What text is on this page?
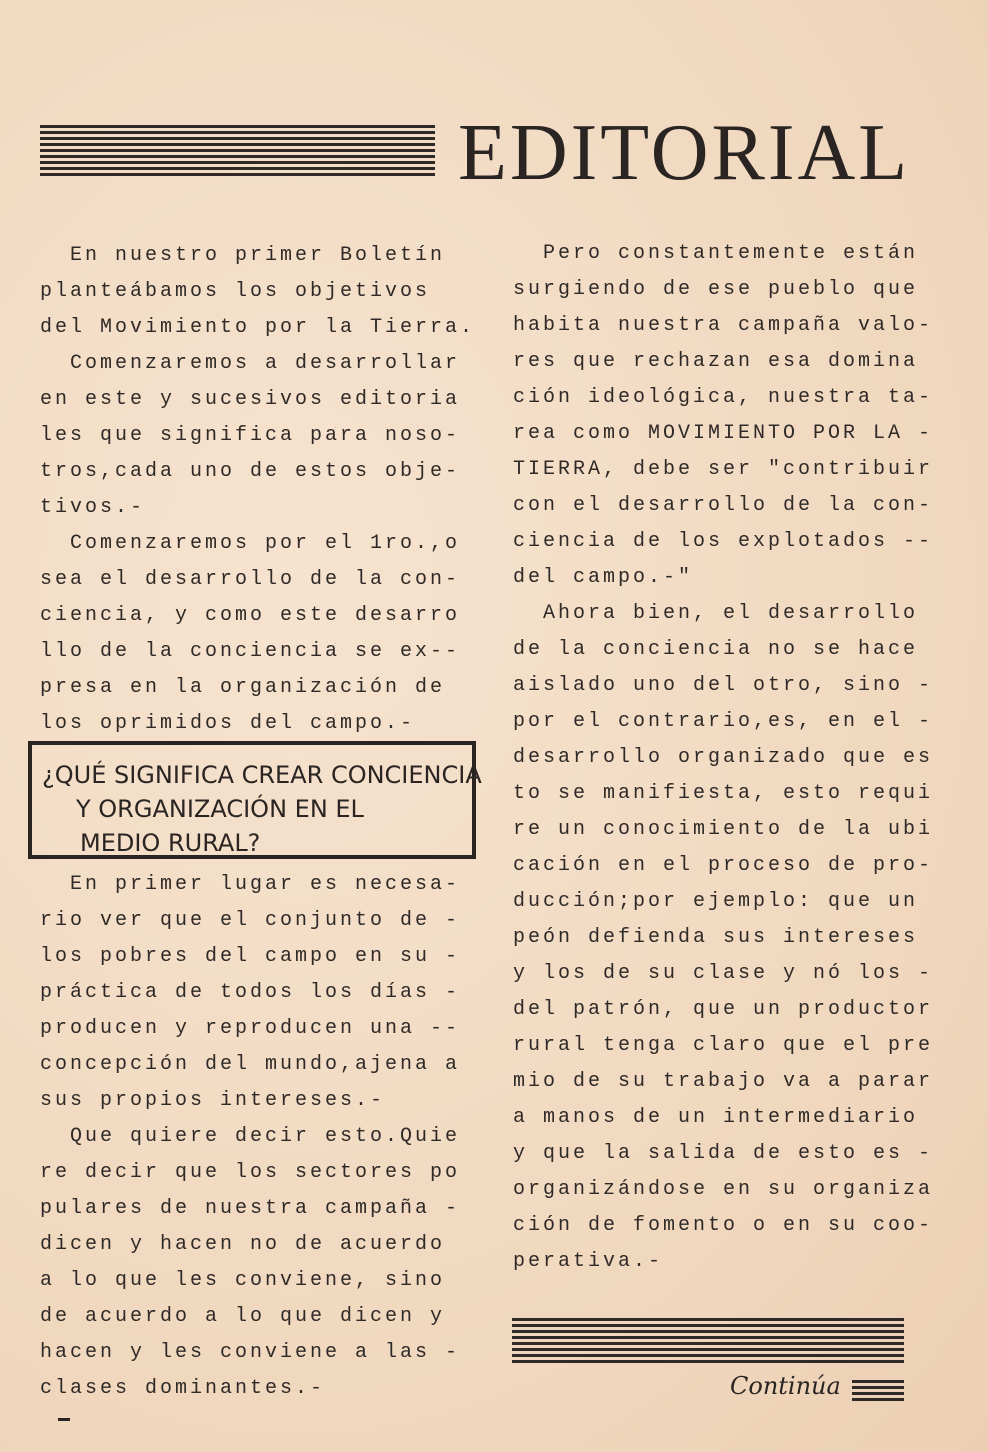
EDITORIAL
En nuestro primer Boletín
planteábamos los objetivos
del Movimiento por la Tierra.
Comenzaremos a desarrollar
en este y sucesivos editoria
les que significa para noso-
tros,cada uno de estos obje-
tivos.-
Comenzaremos por el 1ro.,o
sea el desarrollo de la con-
ciencia, y como este desarro
llo de la conciencia se ex--
presa en la organización de
los oprimidos del campo.-
¿QUÉ SIGNIFICA CREAR CONCIENCIA
Y ORGANIZACIÓN EN EL
MEDIO RURAL?
En primer lugar es necesa-
rio ver que el conjunto de -
los pobres del campo en su -
práctica de todos los días -
producen y reproducen una --
concepción del mundo,ajena a
sus propios intereses.-
Que quiere decir esto.Quie
re decir que los sectores po
pulares de nuestra campaña -
dicen y hacen no de acuerdo
a lo que les conviene, sino
de acuerdo a lo que dicen y
hacen y les conviene a las -
clases dominantes.-
Pero constantemente están
surgiendo de ese pueblo que
habita nuestra campaña valo-
res que rechazan esa domina
ción ideológica, nuestra ta-
rea como MOVIMIENTO POR LA -
TIERRA, debe ser "contribuir
con el desarrollo de la con-
ciencia de los explotados --
del campo.-"
Ahora bien, el desarrollo
de la conciencia no se hace
aislado uno del otro, sino -
por el contrario,es, en el -
desarrollo organizado que es
to se manifiesta, esto requi
re un conocimiento de la ubi
cación en el proceso de pro-
ducción;por ejemplo: que un
peón defienda sus intereses
y los de su clase y nó los -
del patrón, que un productor
rural tenga claro que el pre
mio de su trabajo va a parar
a manos de un intermediario
y que la salida de esto es -
organizándose en su organiza
ción de fomento o en su coo-
perativa.-
Continúa
